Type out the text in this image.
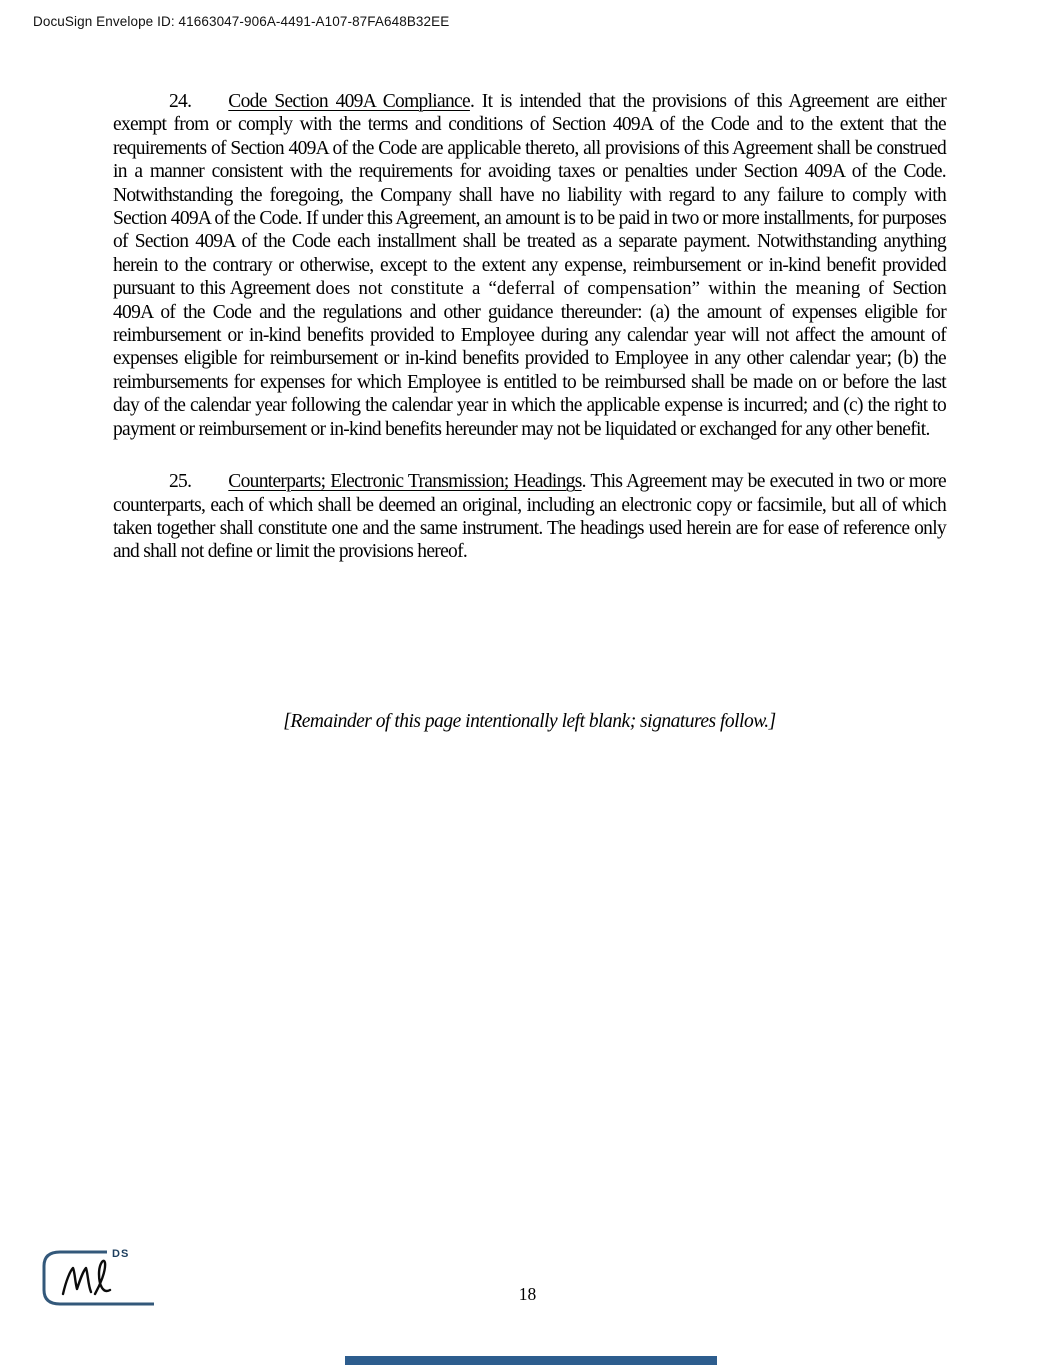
DocuSign Envelope ID: 41663047-906A-4491-A107-87FA648B32EE

24. Code Section 409A Compliance. It is intended that the provisions of this Agreement are either exempt from or comply with the terms and conditions of Section 409A of the Code and to the extent that the requirements of Section 409A of the Code are applicable thereto, all provisions of this Agreement shall be construed in a manner consistent with the requirements for avoiding taxes or penalties under Section 409A of the Code. Notwithstanding the foregoing, the Company shall have no liability with regard to any failure to comply with Section 409A of the Code. If under this Agreement, an amount is to be paid in two or more installments, for purposes of Section 409A of the Code each installment shall be treated as a separate payment. Notwithstanding anything herein to the contrary or otherwise, except to the extent any expense, reimbursement or in-kind benefit provided pursuant to this Agreement does not constitute a “deferral of compensation” within the meaning of Section 409A of the Code and the regulations and other guidance thereunder: (a) the amount of expenses eligible for reimbursement or in-kind benefits provided to Employee during any calendar year will not affect the amount of expenses eligible for reimbursement or in-kind benefits provided to Employee in any other calendar year; (b) the reimbursements for expenses for which Employee is entitled to be reimbursed shall be made on or before the last day of the calendar year following the calendar year in which the applicable expense is incurred; and (c) the right to payment or reimbursement or in-kind benefits hereunder may not be liquidated or exchanged for any other benefit.

25. Counterparts; Electronic Transmission; Headings. This Agreement may be executed in two or more counterparts, each of which shall be deemed an original, including an electronic copy or facsimile, but all of which taken together shall constitute one and the same instrument. The headings used herein are for ease of reference only and shall not define or limit the provisions hereof.

[Remainder of this page intentionally left blank; signatures follow.]

DS
18
